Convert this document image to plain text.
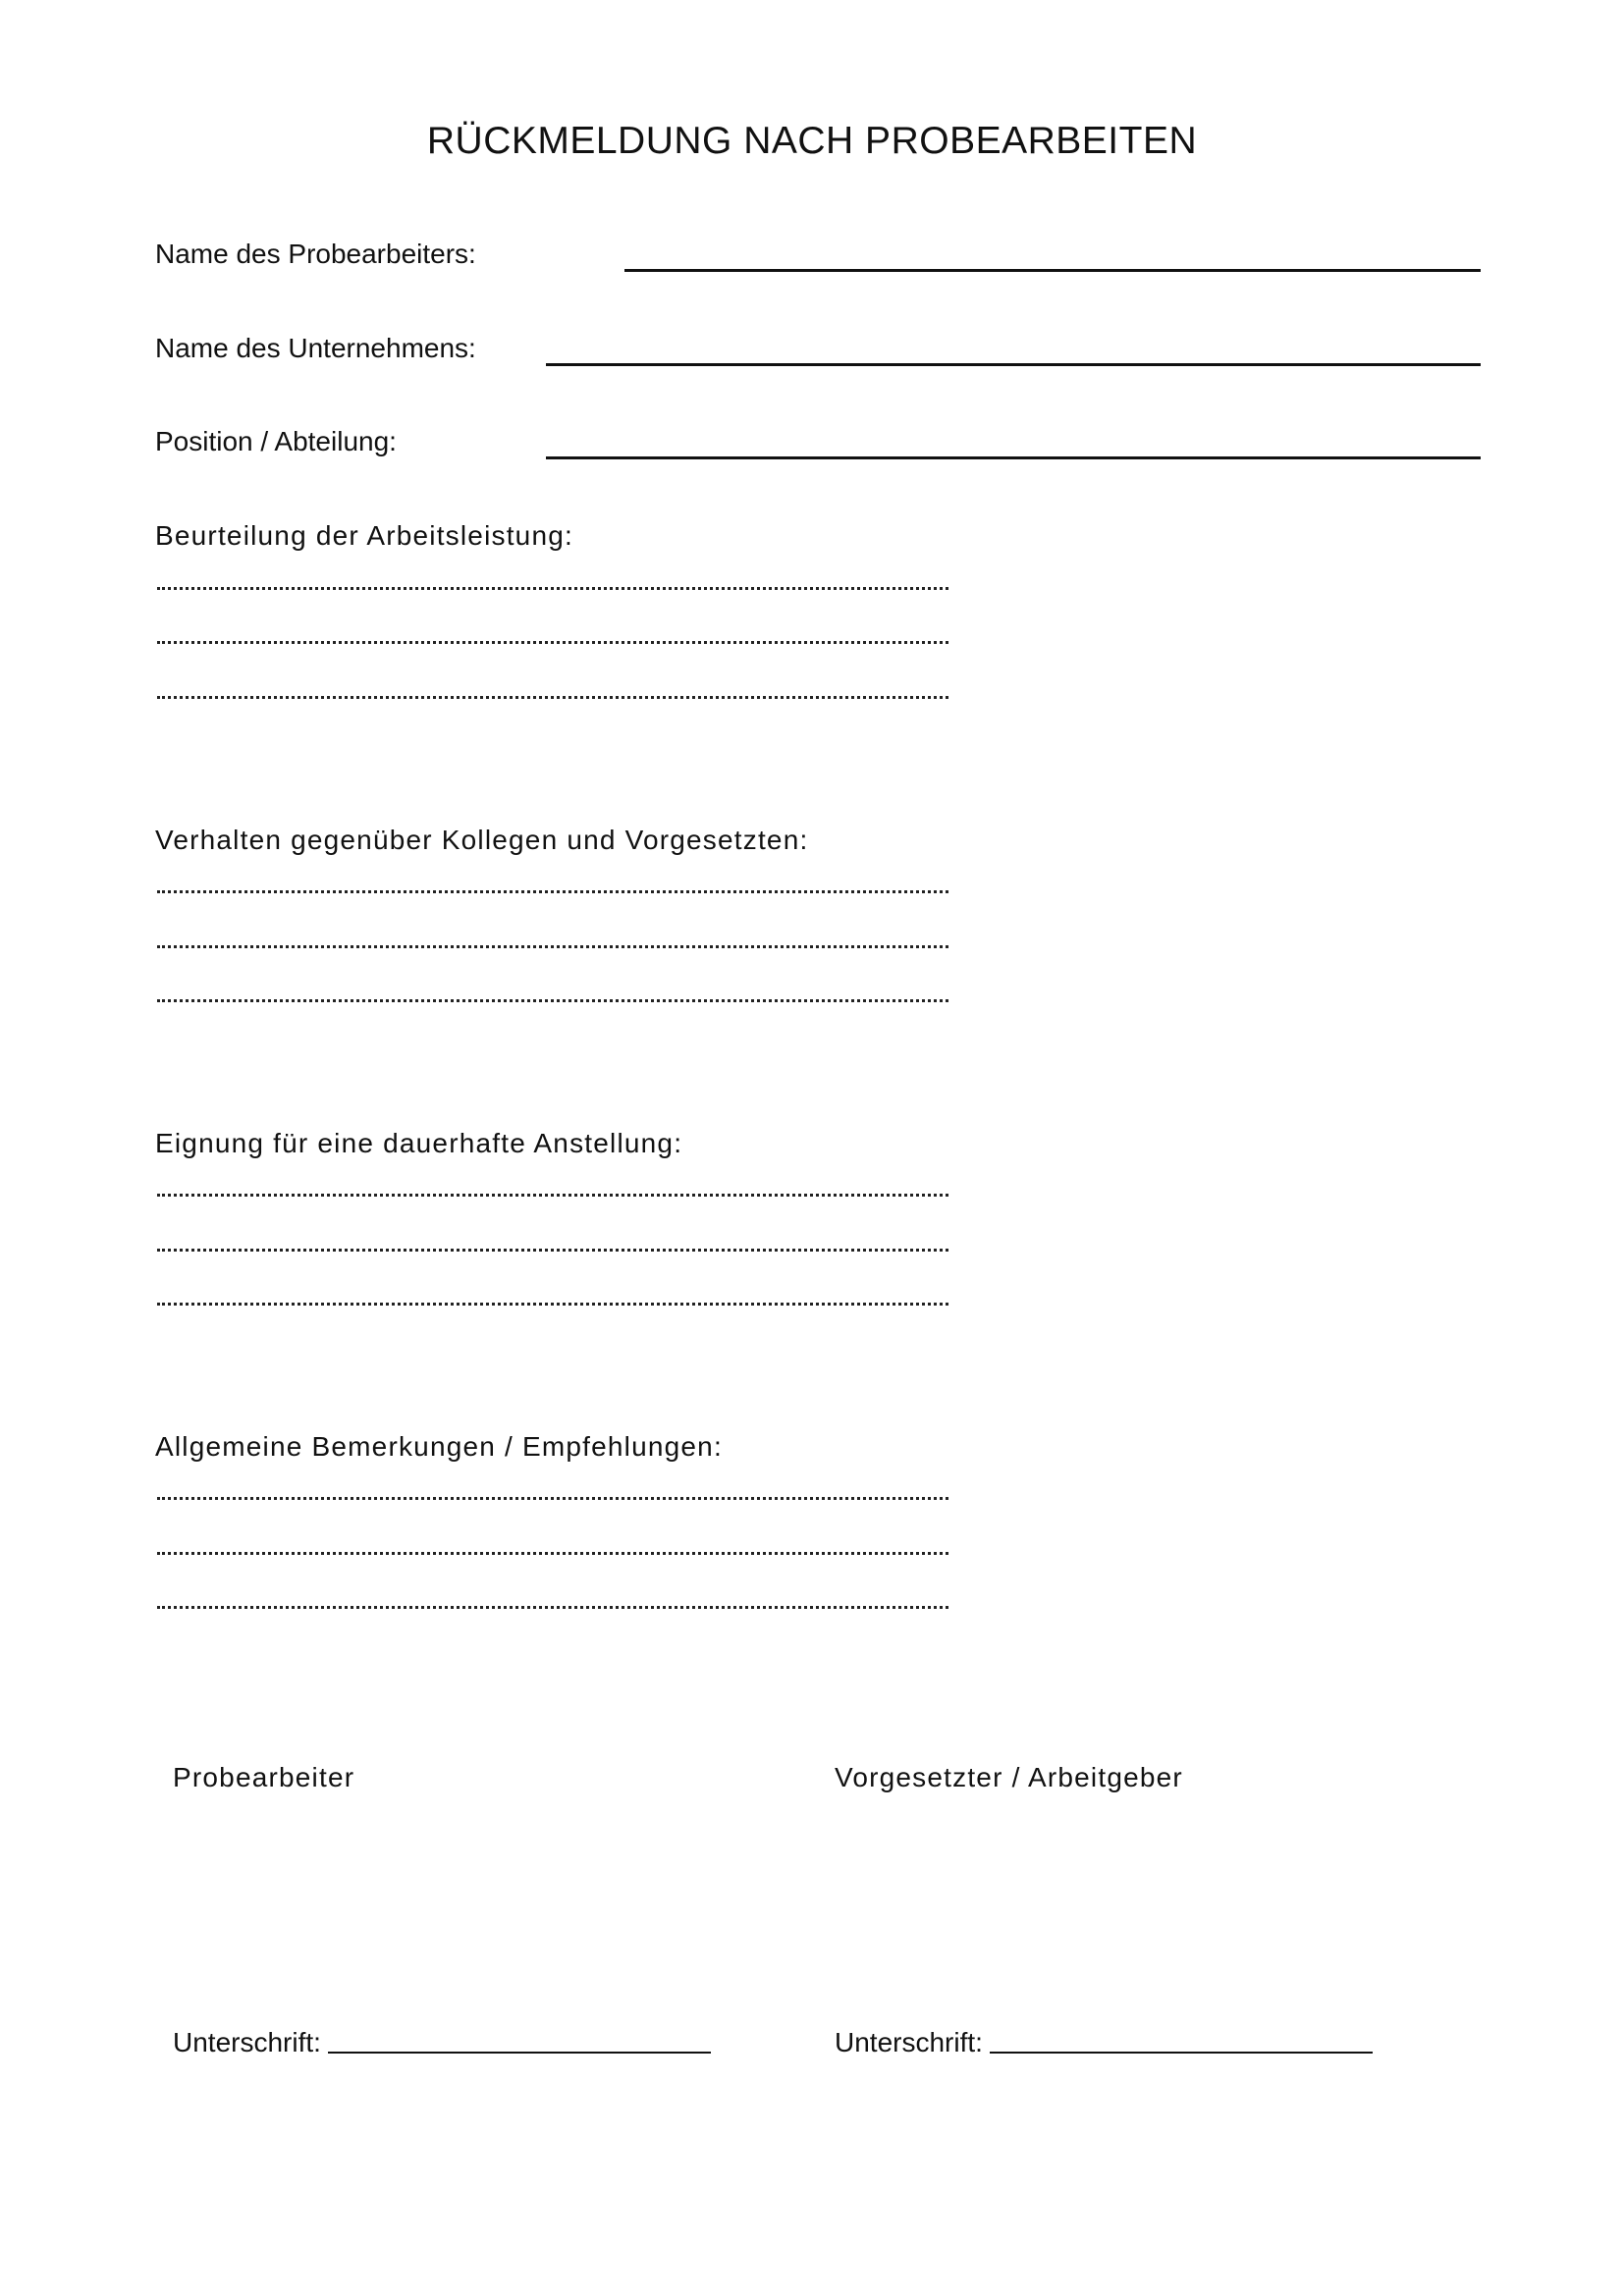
RÜCKMELDUNG NACH PROBEARBEITEN
Name des Probearbeiters:
Name des Unternehmens:
Position / Abteilung:
Beurteilung der Arbeitsleistung:
Verhalten gegenüber Kollegen und Vorgesetzten:
Eignung für eine dauerhafte Anstellung:
Allgemeine Bemerkungen / Empfehlungen:
Probearbeiter	Vorgesetzter / Arbeitgeber
Unterschrift:	Unterschrift:
